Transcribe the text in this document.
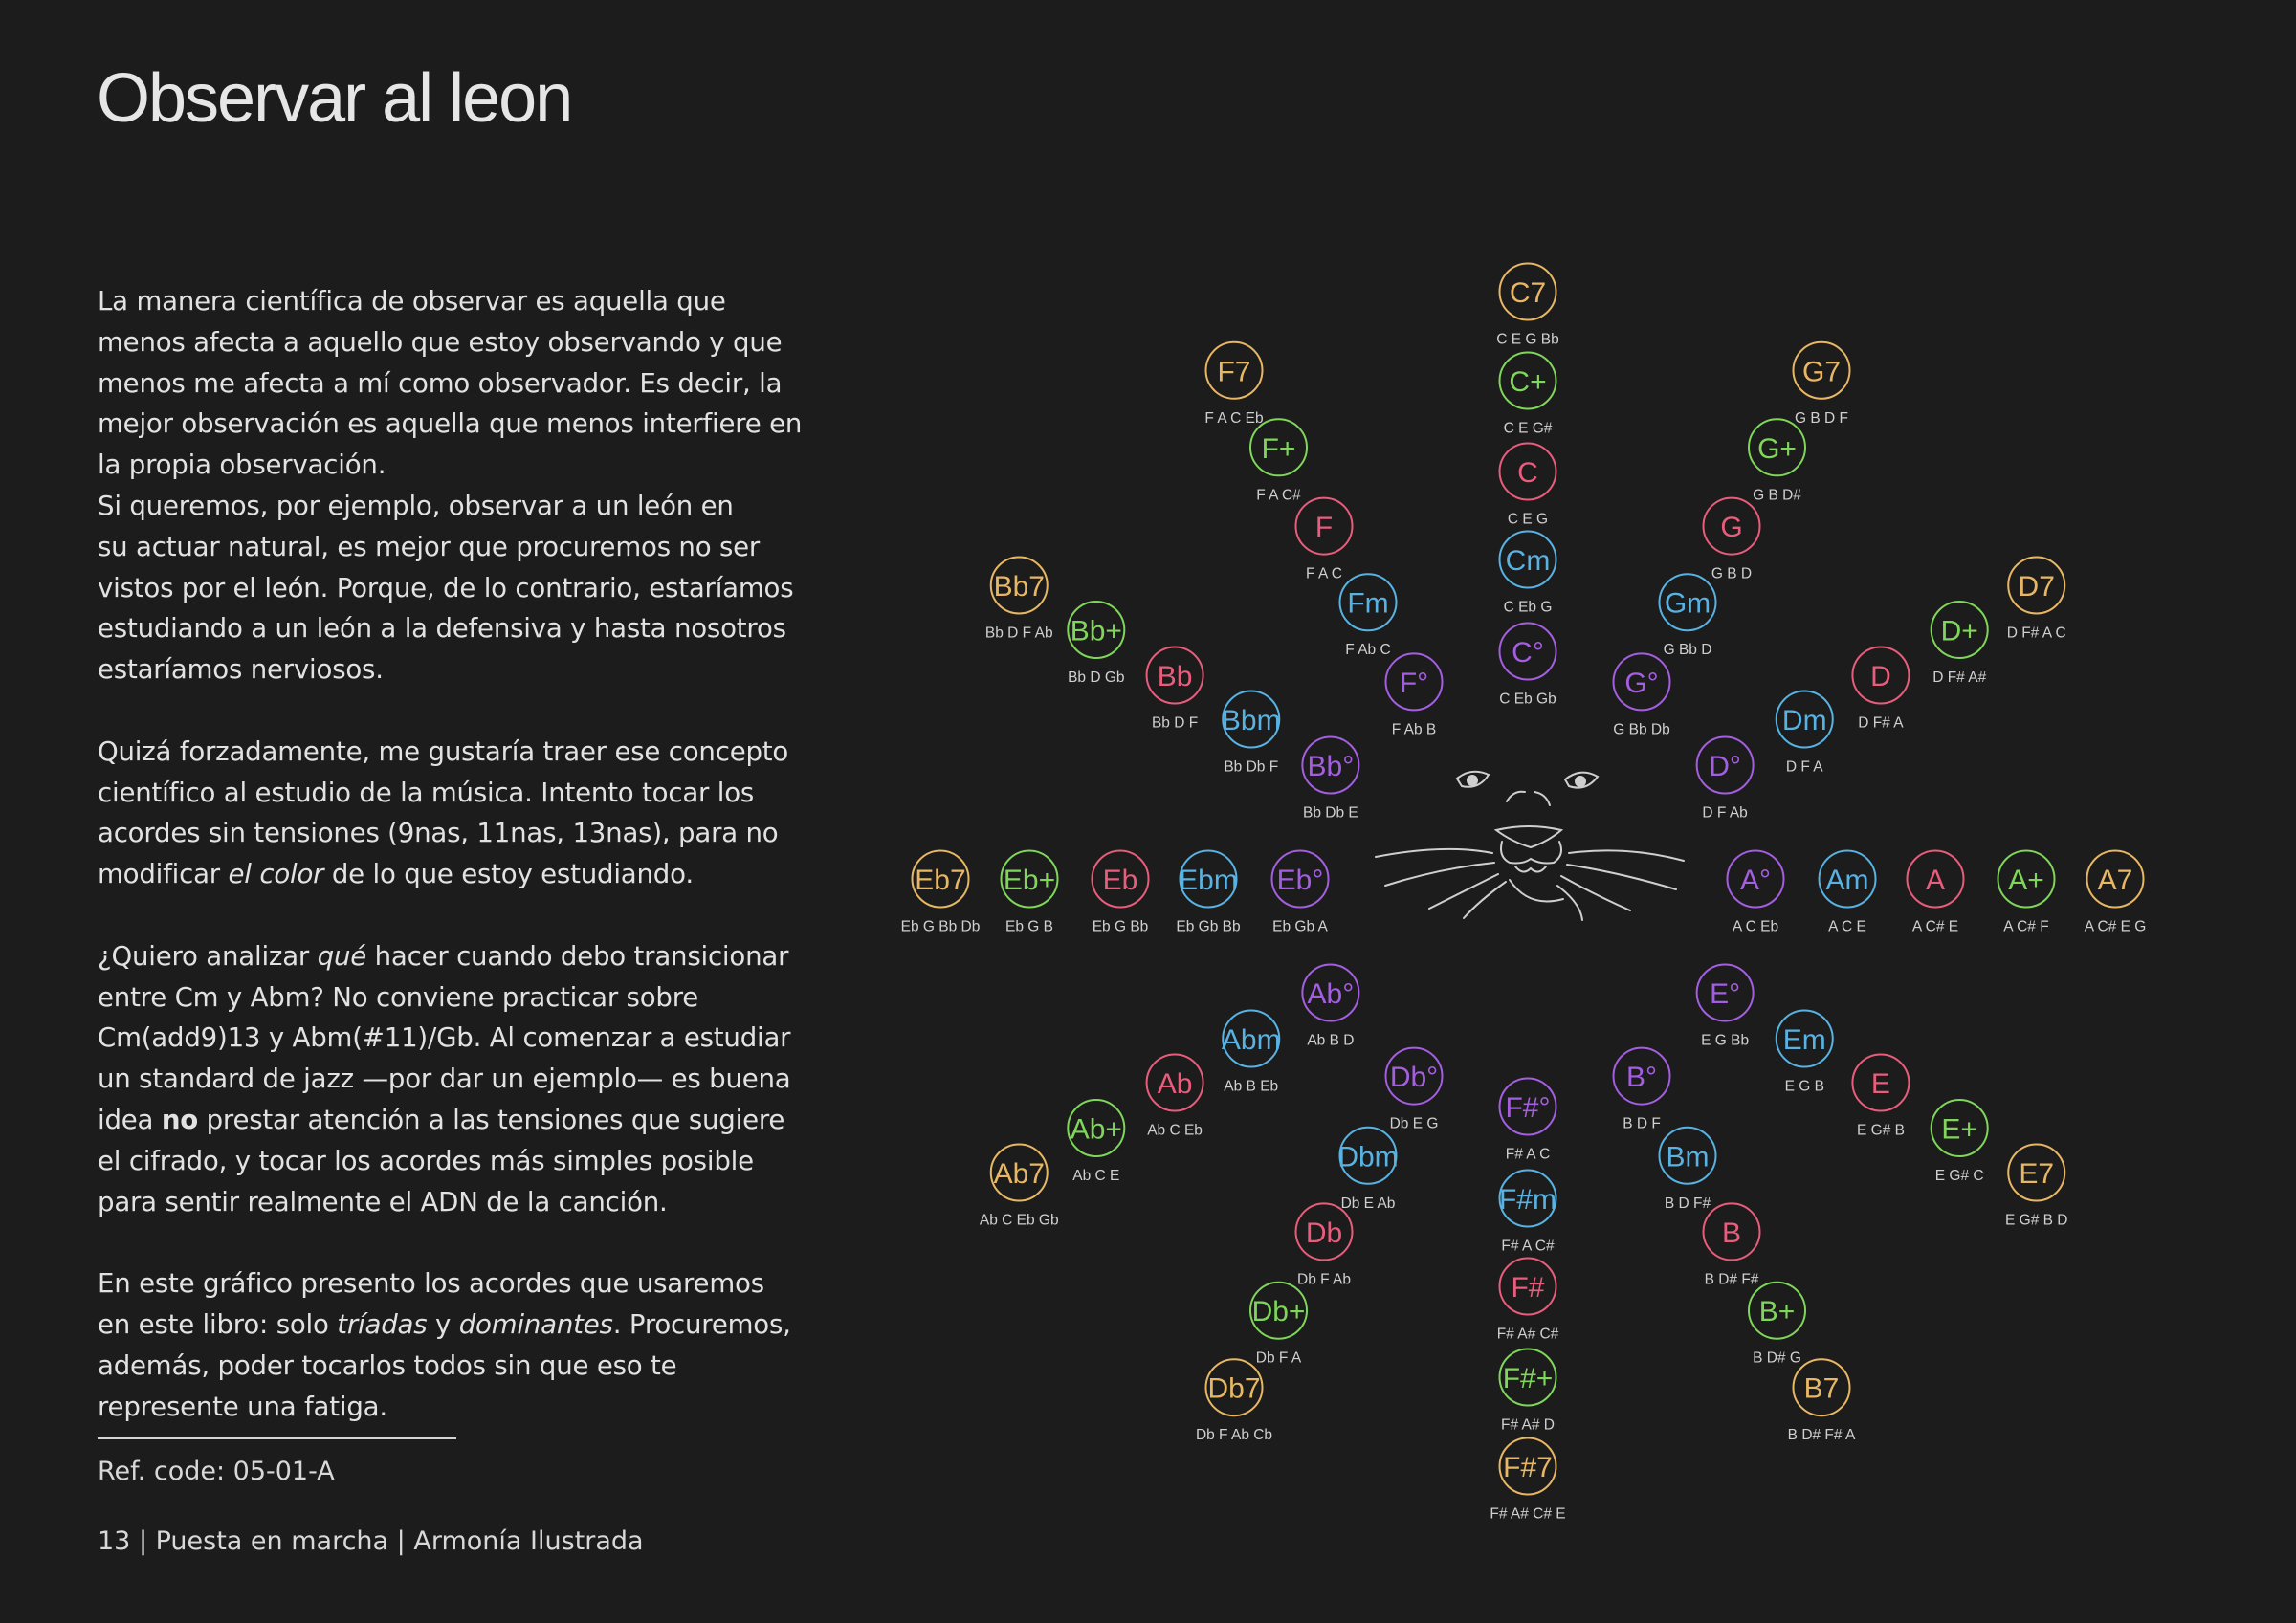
Observar al leon

La manera científica de observar es aquella que
menos afecta a aquello que estoy observando y que
menos me afecta a mí como observador. Es decir, la
mejor observación es aquella que menos interfiere en
la propia observación.
Si queremos, por ejemplo, observar a un león en
su actuar natural, es mejor que procuremos no ser
vistos por el león. Porque, de lo contrario, estaríamos
estudiando a un león a la defensiva y hasta nosotros
estaríamos nerviosos.

Quizá forzadamente, me gustaría traer ese concepto
científico al estudio de la música. Intento tocar los
acordes sin tensiones (9nas, 11nas, 13nas), para no
modificar el color de lo que estoy estudiando.

¿Quiero analizar qué hacer cuando debo transicionar
entre Cm y Abm? No conviene practicar sobre
Cm(add9)13 y Abm(#11)/Gb. Al comenzar a estudiar
un standard de jazz —por dar un ejemplo— es buena
idea no prestar atención a las tensiones que sugiere
el cifrado, y tocar los acordes más simples posible
para sentir realmente el ADN de la canción.

En este gráfico presento los acordes que usaremos
en este libro: solo tríadas y dominantes. Procuremos,
además, poder tocarlos todos sin que eso te
represente una fatiga.

Ref. code: 05-01-A
13 | Puesta en marcha | Armonía Ilustrada
C7
C E G Bb
C+
C E G#
C
C E G
Cm
C Eb G
C°
C Eb Gb
G7
G B D F
G+
G B D#
G
G B D
Gm
G Bb D
G°
G Bb Db
D7
D F# A C
D+
D F# A#
D
D F# A
Dm
D F A
D°
D F Ab
A7
A C# E G
A+
A C# F
A
A C# E
Am
A C E
A°
A C Eb
E7
E G# B D
E+
E G# C
E
E G# B
Em
E G B
E°
E G Bb
B7
B D# F# A
B+
B D# G
B
B D# F#
Bm
B D F#
B°
B D F
F#7
F# A# C# E
F#+
F# A# D
F#
F# A# C#
F#m
F# A C#
F#°
F# A C
Db7
Db F Ab Cb
Db+
Db F A
Db
Db F Ab
Dbm
Db E Ab
Db°
Db E G
Ab7
Ab C Eb Gb
Ab+
Ab C E
Ab
Ab C Eb
Abm
Ab B Eb
Ab°
Ab B D
Eb7
Eb G Bb Db
Eb+
Eb G B
Eb
Eb G Bb
Ebm
Eb Gb Bb
Eb°
Eb Gb A
Bb7
Bb D F Ab Bb+
Bb D Gb Bb
Bb D F Bbm
Bb Db F Bb°
Bb Db E
F7
F A C Eb
F+
F A C#
F
F A C
Fm
F Ab C
F°
F Ab B
